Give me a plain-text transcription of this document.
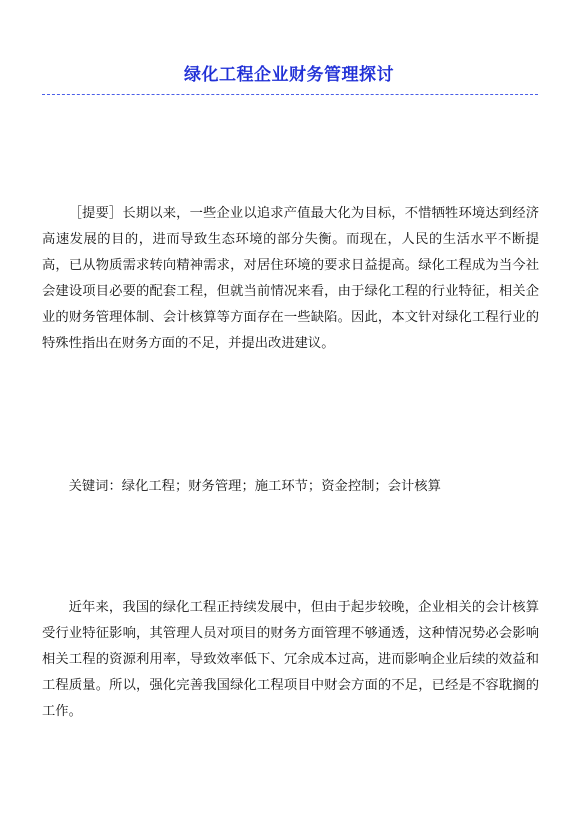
绿化工程企业财务管理探讨

［提要］长期以来，一些企业以追求产值最大化为目标，不惜牺牲环境达到经济高速发展的目的，进而导致生态环境的部分失衡。而现在，人民的生活水平不断提高，已从物质需求转向精神需求，对居住环境的要求日益提高。绿化工程成为当今社会建设项目必要的配套工程，但就当前情况来看，由于绿化工程的行业特征，相关企业的财务管理体制、会计核算等方面存在一些缺陷。因此，本文针对绿化工程行业的特殊性指出在财务方面的不足，并提出改进建议。

关键词：绿化工程；财务管理；施工环节；资金控制；会计核算

近年来，我国的绿化工程正持续发展中，但由于起步较晚，企业相关的会计核算受行业特征影响，其管理人员对项目的财务方面管理不够通透，这种情况势必会影响相关工程的资源利用率，导致效率低下、冗余成本过高，进而影响企业后续的效益和工程质量。所以，强化完善我国绿化工程项目中财会方面的不足，已经是不容耽搁的工作。
